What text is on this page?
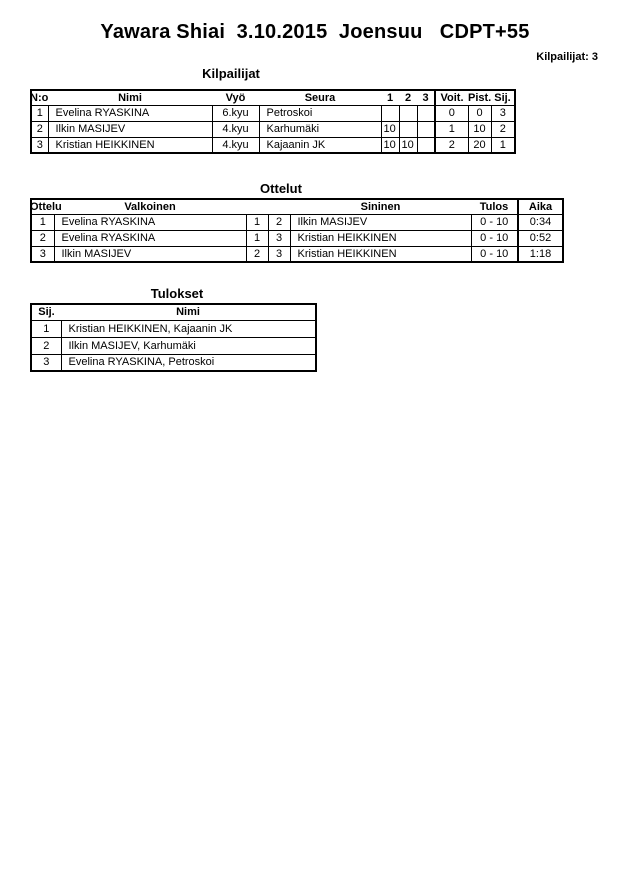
Yawara Shiai  3.10.2015  Joensuu   CDPT+55
Kilpailijat: 3
Kilpailijat
N:o	Nimi	Vyö	Seura	1	2	3	Voit.	Pist.	Sij.
1	Evelina RYASKINA	6.kyu	Petroskoi				0	0	3
2	Ilkin MASIJEV	4.kyu	Karhumäki	10			1	10	2
3	Kristian HEIKKINEN	4.kyu	Kajaanin JK	10	10		2	20	1
Ottelut
Ottelu	Valkoinen			Sininen	Tulos	Aika
1	Evelina RYASKINA	1	2	Ilkin MASIJEV	0 - 10	0:34
2	Evelina RYASKINA	1	3	Kristian HEIKKINEN	0 - 10	0:52
3	Ilkin MASIJEV	2	3	Kristian HEIKKINEN	0 - 10	1:18
Tulokset
Sij.	Nimi
1	Kristian HEIKKINEN, Kajaanin JK
2	Ilkin MASIJEV, Karhumäki
3	Evelina RYASKINA, Petroskoi
